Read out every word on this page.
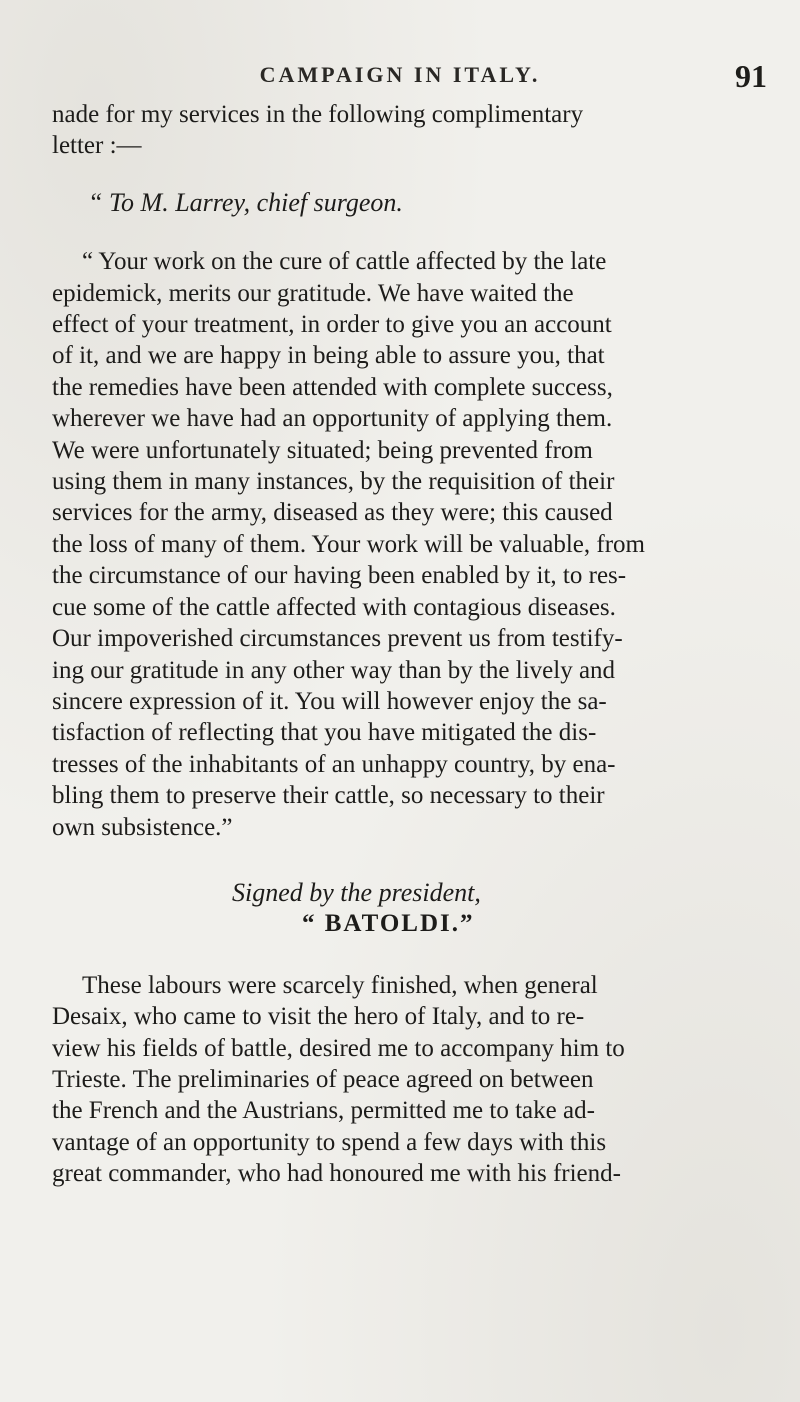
CAMPAIGN IN ITALY.	91

nade for my services in the following complimentary
letter :—

“ To M. Larrey, chief surgeon.

“ Your work on the cure of cattle affected by the late
epidemick, merits our gratitude. We have waited the
effect of your treatment, in order to give you an account
of it, and we are happy in being able to assure you, that
the remedies have been attended with complete success,
wherever we have had an opportunity of applying them.
We were unfortunately situated; being prevented from
using them in many instances, by the requisition of their
services for the army, diseased as they were; this caused
the loss of many of them. Your work will be valuable, from
the circumstance of our having been enabled by it, to res-
cue some of the cattle affected with contagious diseases.
Our impoverished circumstances prevent us from testify-
ing our gratitude in any other way than by the lively and
sincere expression of it. You will however enjoy the sa-
tisfaction of reflecting that you have mitigated the dis-
tresses of the inhabitants of an unhappy country, by ena-
bling them to preserve their cattle, so necessary to their
own subsistence.”

Signed by the president,

“ BATOLDI.”

These labours were scarcely finished, when general
Desaix, who came to visit the hero of Italy, and to re-
view his fields of battle, desired me to accompany him to
Trieste. The preliminaries of peace agreed on between
the French and the Austrians, permitted me to take ad-
vantage of an opportunity to spend a few days with this
great commander, who had honoured me with his friend-
